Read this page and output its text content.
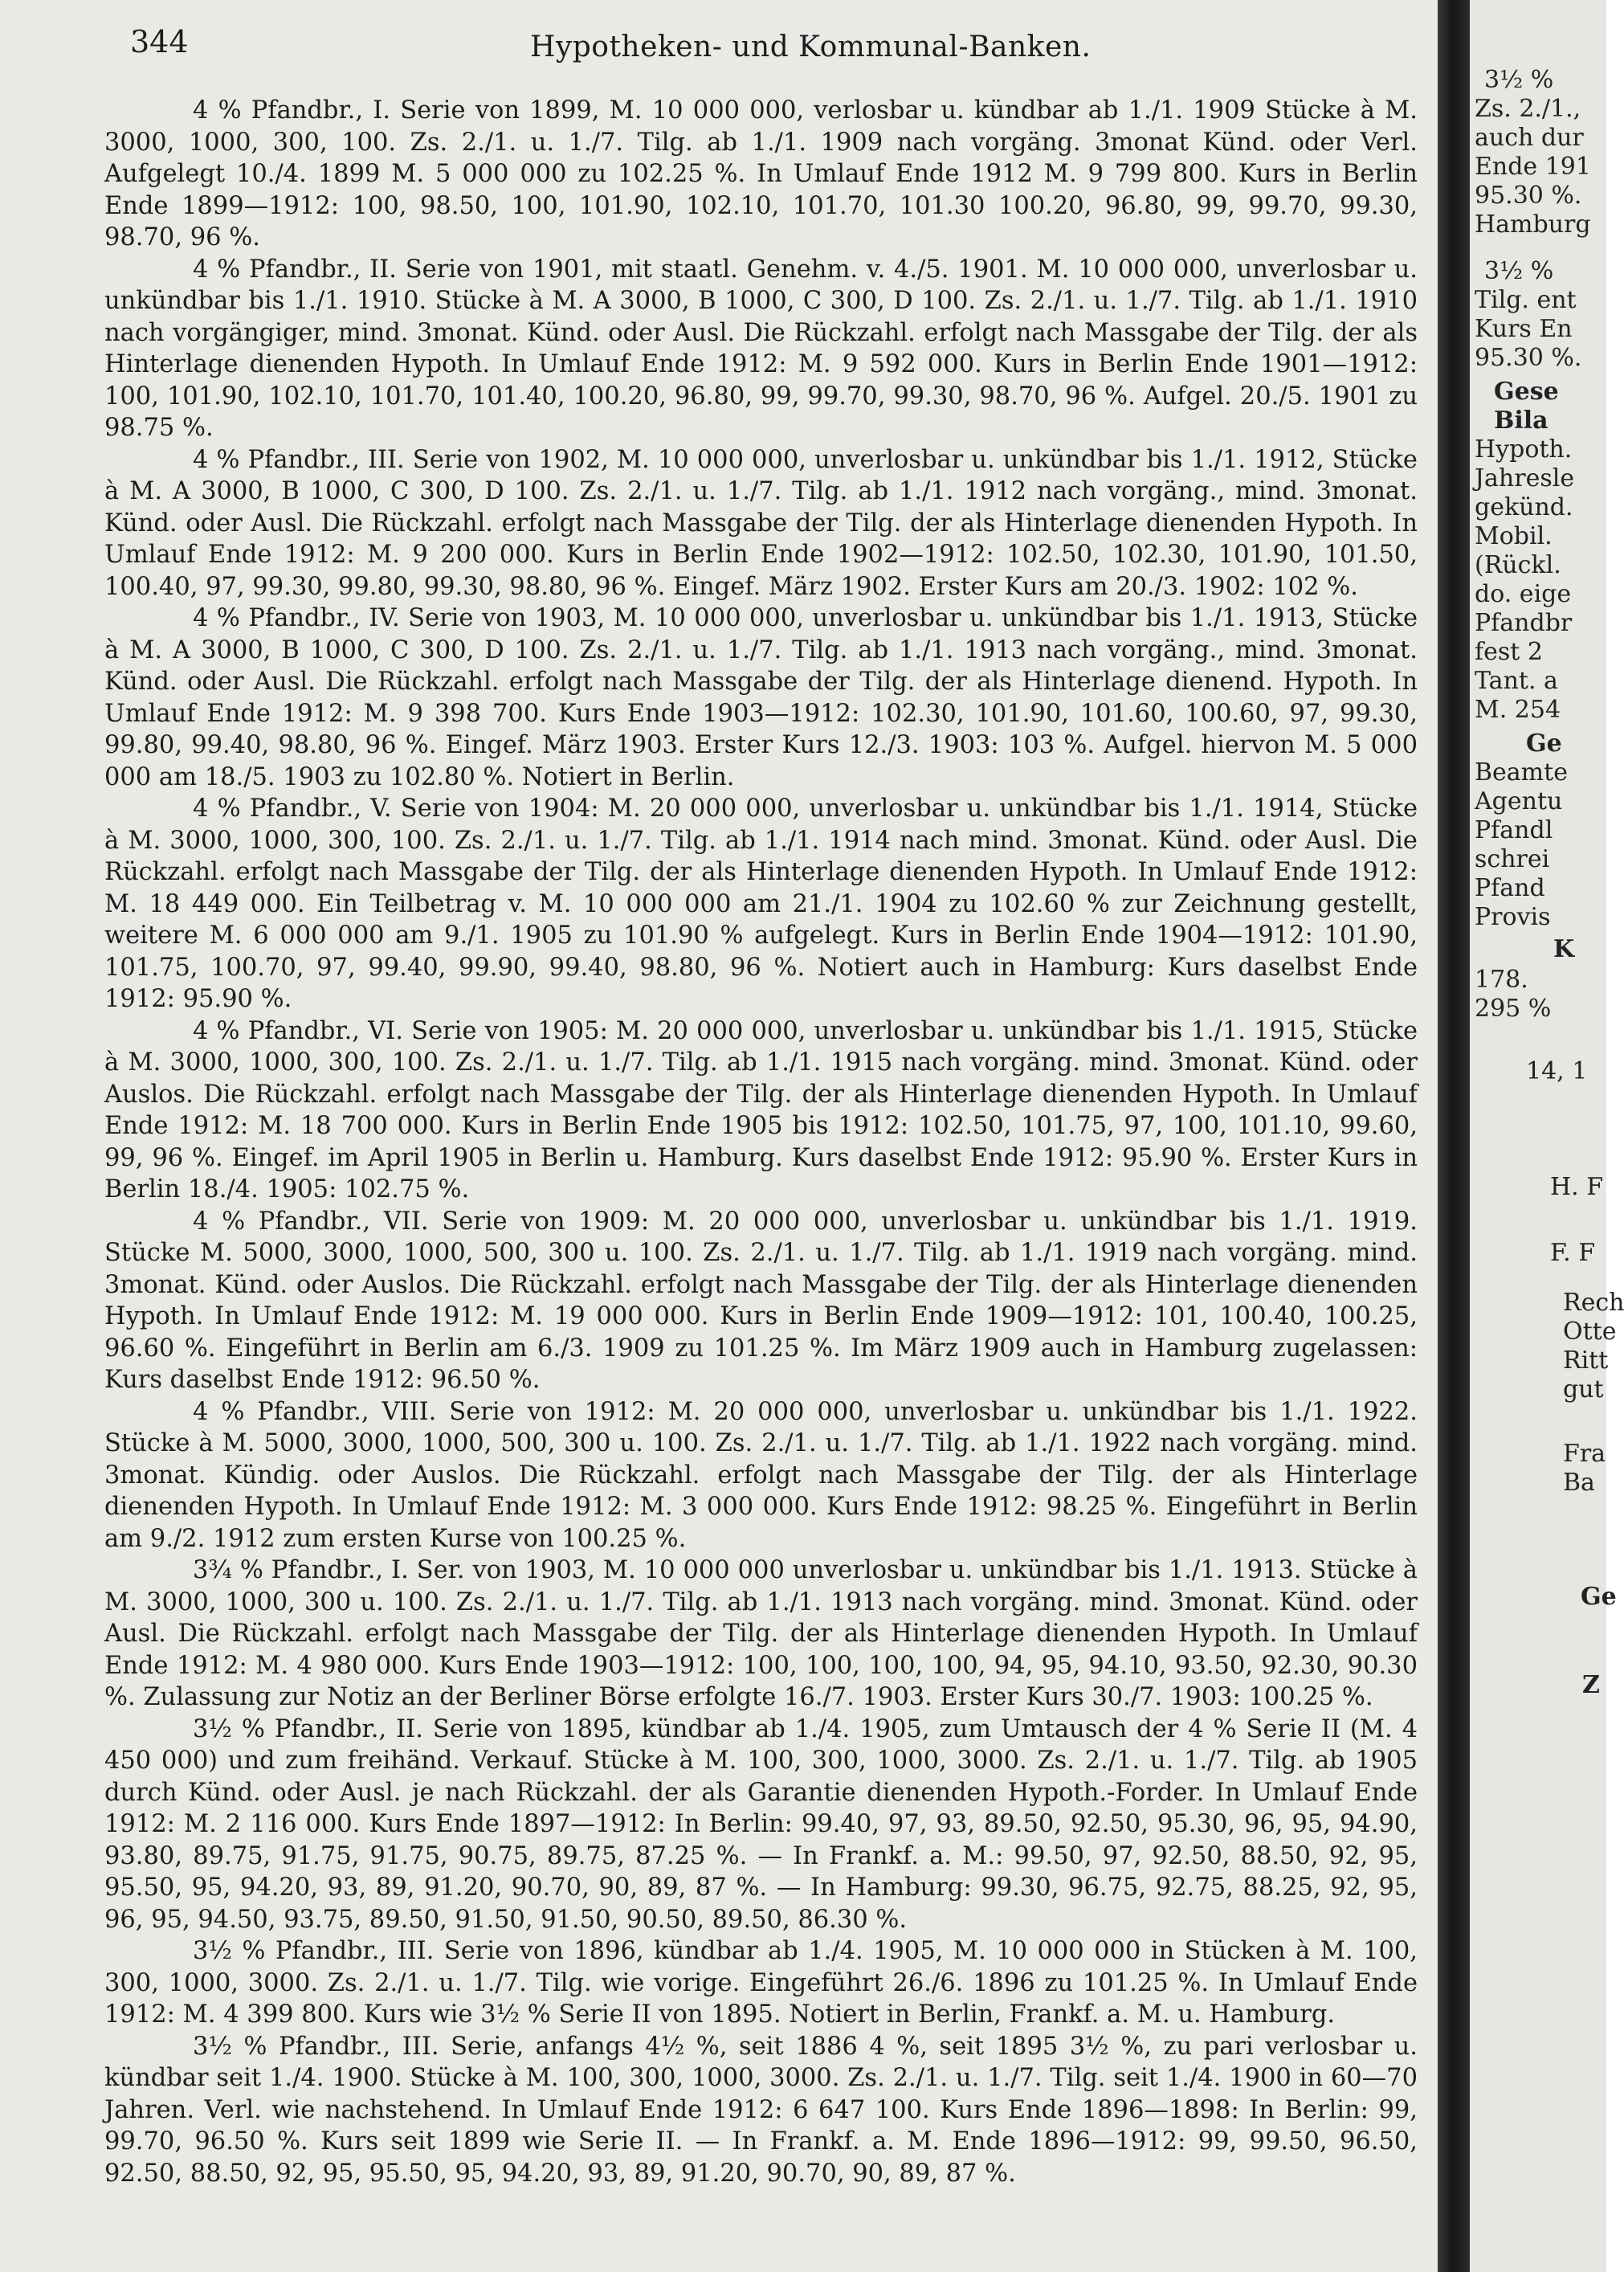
344	Hypotheken- und Kommunal-Banken.

4 % Pfandbr., I. Serie von 1899, M. 10 000 000, verlosbar u. kündbar ab 1./1. 1909 Stücke à M. 3000, 1000, 300, 100. Zs. 2./1. u. 1./7. Tilg. ab 1./1. 1909 nach vorgäng. 3monat Künd. oder Verl. Aufgelegt 10./4. 1899 M. 5 000 000 zu 102.25 %. In Umlauf Ende 1912 M. 9 799 800. Kurs in Berlin Ende 1899—1912: 100, 98.50, 100, 101.90, 102.10, 101.70, 101.30 100.20, 96.80, 99, 99.70, 99.30, 98.70, 96 %.

4 % Pfandbr., II. Serie von 1901, mit staatl. Genehm. v. 4./5. 1901. M. 10 000 000, unverlosbar u. unkündbar bis 1./1. 1910. Stücke à M. A 3000, B 1000, C 300, D 100. Zs. 2./1. u. 1./7. Tilg. ab 1./1. 1910 nach vorgängiger, mind. 3monat. Künd. oder Ausl. Die Rückzahl. erfolgt nach Massgabe der Tilg. der als Hinterlage dienenden Hypoth. In Umlauf Ende 1912: M. 9 592 000. Kurs in Berlin Ende 1901—1912: 100, 101.90, 102.10, 101.70, 101.40, 100.20, 96.80, 99, 99.70, 99.30, 98.70, 96 %. Aufgel. 20./5. 1901 zu 98.75 %.

4 % Pfandbr., III. Serie von 1902, M. 10 000 000, unverlosbar u. unkündbar bis 1./1. 1912, Stücke à M. A 3000, B 1000, C 300, D 100. Zs. 2./1. u. 1./7. Tilg. ab 1./1. 1912 nach vorgäng., mind. 3monat. Künd. oder Ausl. Die Rückzahl. erfolgt nach Massgabe der Tilg. der als Hinterlage dienenden Hypoth. In Umlauf Ende 1912: M. 9 200 000. Kurs in Berlin Ende 1902—1912: 102.50, 102.30, 101.90, 101.50, 100.40, 97, 99.30, 99.80, 99.30, 98.80, 96 %. Eingef. März 1902. Erster Kurs am 20./3. 1902: 102 %.

4 % Pfandbr., IV. Serie von 1903, M. 10 000 000, unverlosbar u. unkündbar bis 1./1. 1913, Stücke à M. A 3000, B 1000, C 300, D 100. Zs. 2./1. u. 1./7. Tilg. ab 1./1. 1913 nach vorgäng., mind. 3monat. Künd. oder Ausl. Die Rückzahl. erfolgt nach Massgabe der Tilg. der als Hinterlage dienend. Hypoth. In Umlauf Ende 1912: M. 9 398 700. Kurs Ende 1903—1912: 102.30, 101.90, 101.60, 100.60, 97, 99.30, 99.80, 99.40, 98.80, 96 %. Eingef. März 1903. Erster Kurs 12./3. 1903: 103 %. Aufgel. hiervon M. 5 000 000 am 18./5. 1903 zu 102.80 %. Notiert in Berlin.

4 % Pfandbr., V. Serie von 1904: M. 20 000 000, unverlosbar u. unkündbar bis 1./1. 1914, Stücke à M. 3000, 1000, 300, 100. Zs. 2./1. u. 1./7. Tilg. ab 1./1. 1914 nach mind. 3monat. Künd. oder Ausl. Die Rückzahl. erfolgt nach Massgabe der Tilg. der als Hinterlage dienenden Hypoth. In Umlauf Ende 1912: M. 18 449 000. Ein Teilbetrag v. M. 10 000 000 am 21./1. 1904 zu 102.60 % zur Zeichnung gestellt, weitere M. 6 000 000 am 9./1. 1905 zu 101.90 % aufgelegt. Kurs in Berlin Ende 1904—1912: 101.90, 101.75, 100.70, 97, 99.40, 99.90, 99.40, 98.80, 96 %. Notiert auch in Hamburg: Kurs daselbst Ende 1912: 95.90 %.

4 % Pfandbr., VI. Serie von 1905: M. 20 000 000, unverlosbar u. unkündbar bis 1./1. 1915, Stücke à M. 3000, 1000, 300, 100. Zs. 2./1. u. 1./7. Tilg. ab 1./1. 1915 nach vorgäng. mind. 3monat. Künd. oder Auslos. Die Rückzahl. erfolgt nach Massgabe der Tilg. der als Hinterlage dienenden Hypoth. In Umlauf Ende 1912: M. 18 700 000. Kurs in Berlin Ende 1905 bis 1912: 102.50, 101.75, 97, 100, 101.10, 99.60, 99, 96 %. Eingef. im April 1905 in Berlin u. Hamburg. Kurs daselbst Ende 1912: 95.90 %. Erster Kurs in Berlin 18./4. 1905: 102.75 %.

4 % Pfandbr., VII. Serie von 1909: M. 20 000 000, unverlosbar u. unkündbar bis 1./1. 1919. Stücke M. 5000, 3000, 1000, 500, 300 u. 100. Zs. 2./1. u. 1./7. Tilg. ab 1./1. 1919 nach vorgäng. mind. 3monat. Künd. oder Auslos. Die Rückzahl. erfolgt nach Massgabe der Tilg. der als Hinterlage dienenden Hypoth. In Umlauf Ende 1912: M. 19 000 000. Kurs in Berlin Ende 1909—1912: 101, 100.40, 100.25, 96.60 %. Eingeführt in Berlin am 6./3. 1909 zu 101.25 %. Im März 1909 auch in Hamburg zugelassen: Kurs daselbst Ende 1912: 96.50 %.

4 % Pfandbr., VIII. Serie von 1912: M. 20 000 000, unverlosbar u. unkündbar bis 1./1. 1922. Stücke à M. 5000, 3000, 1000, 500, 300 u. 100. Zs. 2./1. u. 1./7. Tilg. ab 1./1. 1922 nach vorgäng. mind. 3monat. Kündig. oder Auslos. Die Rückzahl. erfolgt nach Massgabe der Tilg. der als Hinterlage dienenden Hypoth. In Umlauf Ende 1912: M. 3 000 000. Kurs Ende 1912: 98.25 %. Eingeführt in Berlin am 9./2. 1912 zum ersten Kurse von 100.25 %.

3¾ % Pfandbr., I. Ser. von 1903, M. 10 000 000 unverlosbar u. unkündbar bis 1./1. 1913. Stücke à M. 3000, 1000, 300 u. 100. Zs. 2./1. u. 1./7. Tilg. ab 1./1. 1913 nach vorgäng. mind. 3monat. Künd. oder Ausl. Die Rückzahl. erfolgt nach Massgabe der Tilg. der als Hinterlage dienenden Hypoth. In Umlauf Ende 1912: M. 4 980 000. Kurs Ende 1903—1912: 100, 100, 100, 100, 94, 95, 94.10, 93.50, 92.30, 90.30 %. Zulassung zur Notiz an der Berliner Börse erfolgte 16./7. 1903. Erster Kurs 30./7. 1903: 100.25 %.

3½ % Pfandbr., II. Serie von 1895, kündbar ab 1./4. 1905, zum Umtausch der 4 % Serie II (M. 4 450 000) und zum freihänd. Verkauf. Stücke à M. 100, 300, 1000, 3000. Zs. 2./1. u. 1./7. Tilg. ab 1905 durch Künd. oder Ausl. je nach Rückzahl. der als Garantie dienenden Hypoth.-Forder. In Umlauf Ende 1912: M. 2 116 000. Kurs Ende 1897—1912: In Berlin: 99.40, 97, 93, 89.50, 92.50, 95.30, 96, 95, 94.90, 93.80, 89.75, 91.75, 91.75, 90.75, 89.75, 87.25 %. — In Frankf. a. M.: 99.50, 97, 92.50, 88.50, 92, 95, 95.50, 95, 94.20, 93, 89, 91.20, 90.70, 90, 89, 87 %. — In Hamburg: 99.30, 96.75, 92.75, 88.25, 92, 95, 96, 95, 94.50, 93.75, 89.50, 91.50, 91.50, 90.50, 89.50, 86.30 %.

3½ % Pfandbr., III. Serie von 1896, kündbar ab 1./4. 1905, M. 10 000 000 in Stücken à M. 100, 300, 1000, 3000. Zs. 2./1. u. 1./7. Tilg. wie vorige. Eingeführt 26./6. 1896 zu 101.25 %. In Umlauf Ende 1912: M. 4 399 800. Kurs wie 3½ % Serie II von 1895. Notiert in Berlin, Frankf. a. M. u. Hamburg.

3½ % Pfandbr., III. Serie, anfangs 4½ %, seit 1886 4 %, seit 1895 3½ %, zu pari verlosbar u. kündbar seit 1./4. 1900. Stücke à M. 100, 300, 1000, 3000. Zs. 2./1. u. 1./7. Tilg. seit 1./4. 1900 in 60—70 Jahren. Verl. wie nachstehend. In Umlauf Ende 1912: 6 647 100. Kurs Ende 1896—1898: In Berlin: 99, 99.70, 96.50 %. Kurs seit 1899 wie Serie II. — In Frankf. a. M. Ende 1896—1912: 99, 99.50, 96.50, 92.50, 88.50, 92, 95, 95.50, 95, 94.20, 93, 89, 91.20, 90.70, 90, 89, 87 %.

3½ %
Zs. 2./1.,
auch dur
Ende 191
95.30 %.
Hamburg
3½ %
Tilg. ent
Kurs En
95.30 %.
Gese
Bila
Hypoth.
Jahresle
gekünd.
Mobil.
(Rückl.
do. eige
Pfandbr
fest 2
Tant. a
M. 254
Ge
Beamte
Agentu
Pfandl
schrei
Pfand
Provis
K
178.
295 %
14, 1
H. F
F. F
Rech
Otte
Ritt
gut
Fra
Ba
Ge
Z
